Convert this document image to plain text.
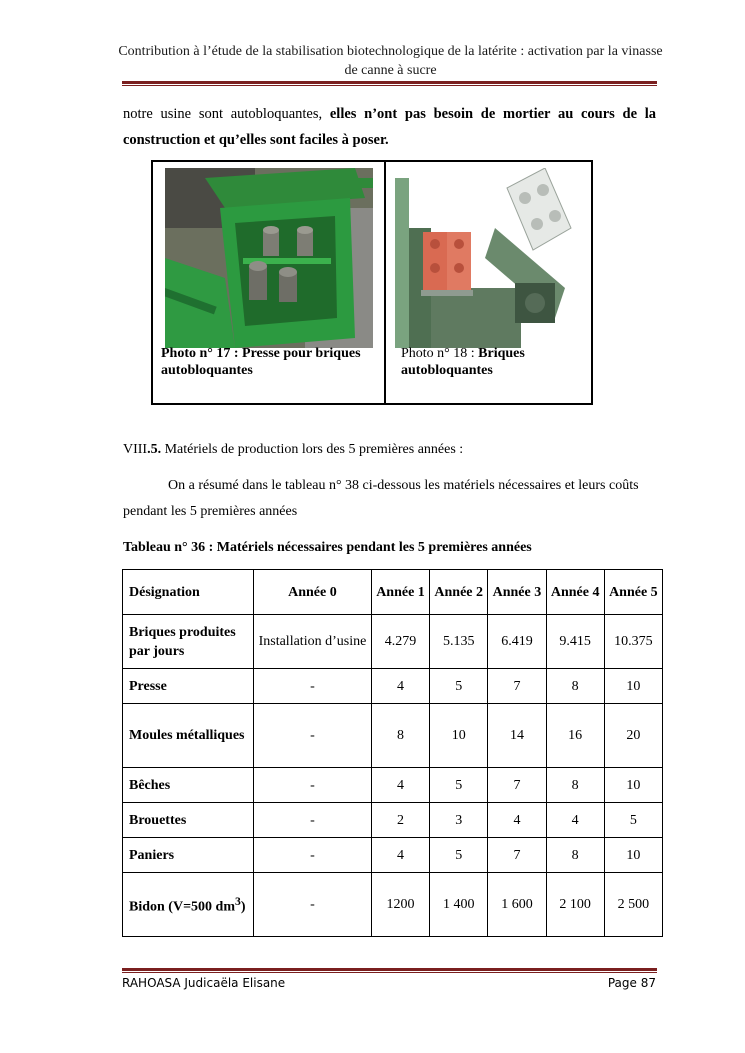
Contribution à l’étude de la stabilisation biotechnologique de la latérite : activation par la vinasse de canne à sucre
notre usine sont autobloquantes, elles n’ont pas besoin de mortier au cours de la construction et qu’elles sont faciles à poser.
Photo n° 17 : Presse pour briques autobloquantes
Photo n° 18 : Briques autobloquantes
VIII.5. Matériels de production lors des 5 premières années :
On a résumé dans le tableau n° 38 ci-dessous les matériels nécessaires et leurs coûts pendant les 5 premières années
Tableau n° 36 : Matériels nécessaires pendant les 5 premières années
Désignation	Année 0	Année 1	Année 2	Année 3	Année 4	Année 5
Briques produites par jours	Installation d’usine	4.279	5.135	6.419	9.415	10.375
Presse	-	4	5	7	8	10
Moules métalliques	-	8	10	14	16	20
Bêches	-	4	5	7	8	10
Brouettes	-	2	3	4	4	5
Paniers	-	4	5	7	8	10
Bidon (V=500 $dm^3$)	-	1200	1 400	1 600	2 100	2 500
RAHOASA Judicaëla Elisane	Page 87
